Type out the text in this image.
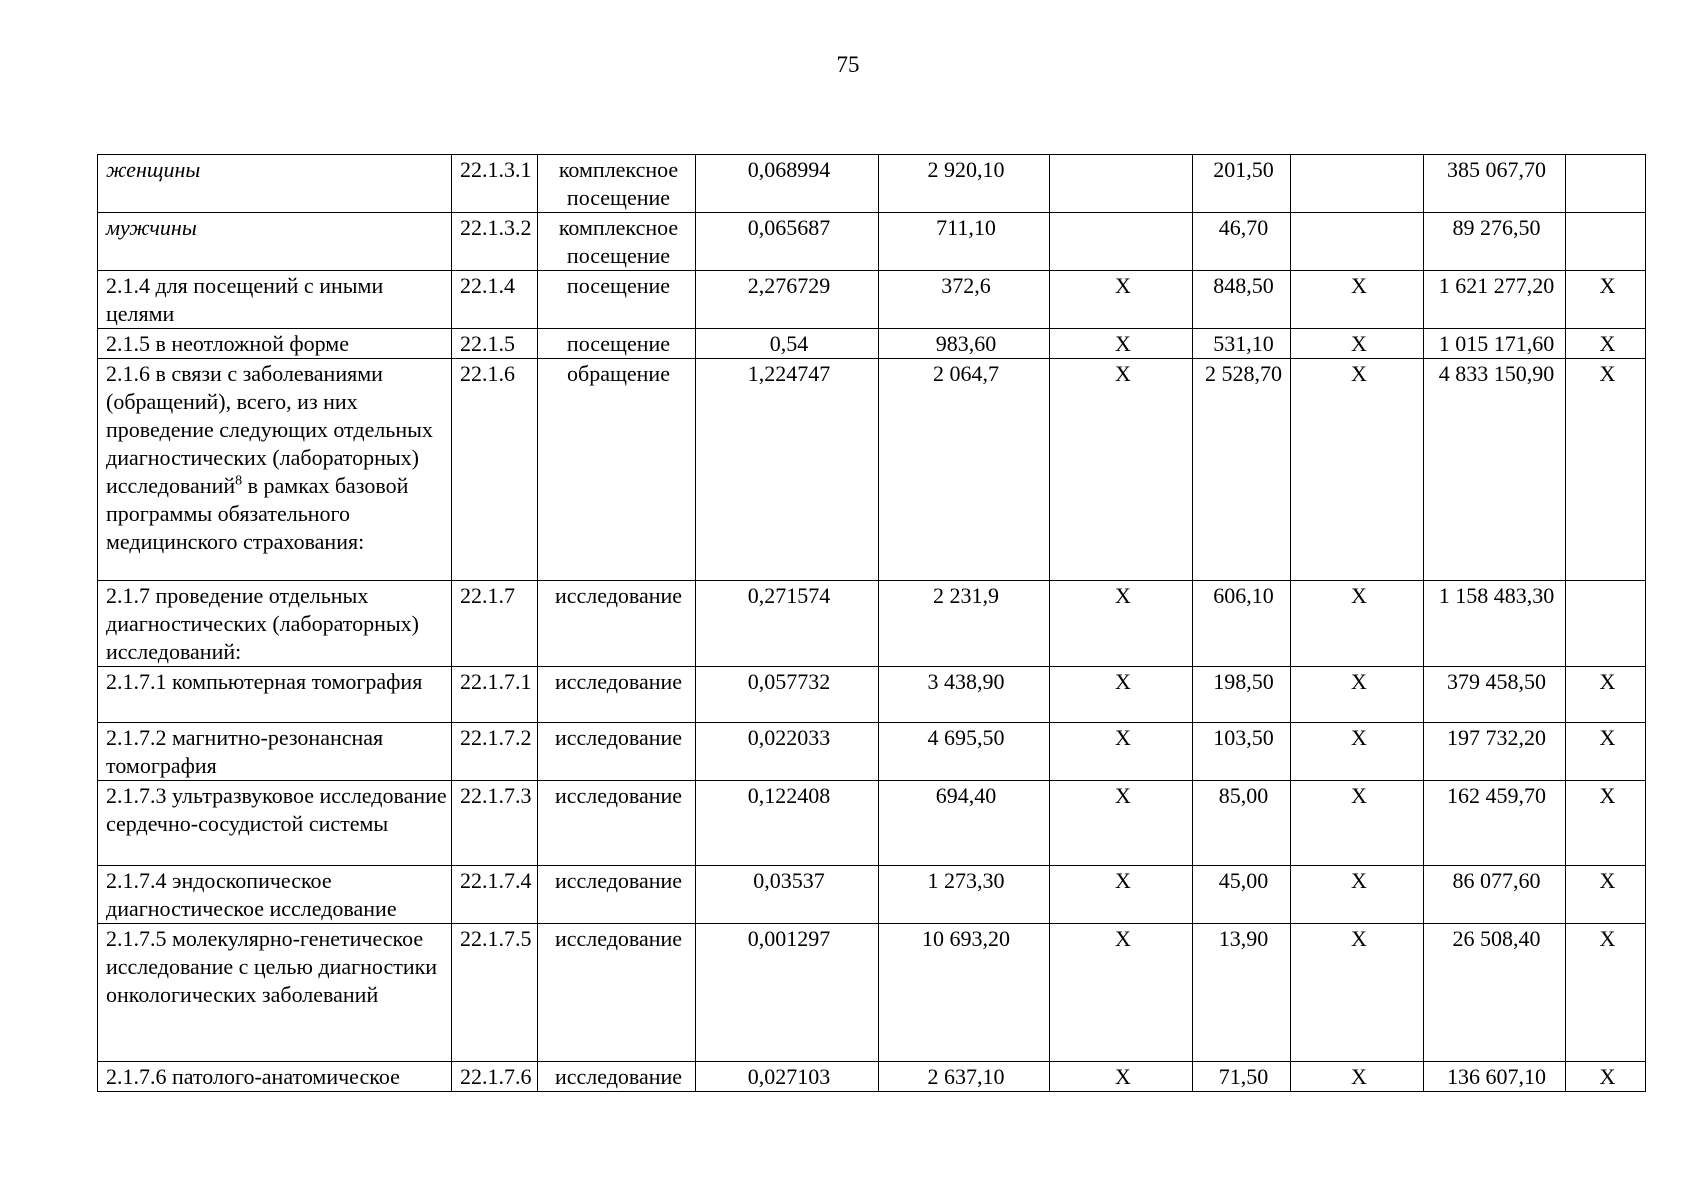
75
женщины	22.1.3.1	комплексное посещение	0,068994	2 920,10		201,50		385 067,70	
мужчины	22.1.3.2	комплексное посещение	0,065687	711,10		46,70		89 276,50	
2.1.4 для посещений с иными целями	22.1.4	посещение	2,276729	372,6	X	848,50	X	1 621 277,20	X
2.1.5 в неотложной форме	22.1.5	посещение	0,54	983,60	X	531,10	X	1 015 171,60	X
2.1.6 в связи с заболеваниями (обращений), всего, из них проведение следующих отдельных диагностических (лабораторных) исследований$^8$ в рамках базовой программы обязательного медицинского страхования:	22.1.6	обращение	1,224747	2 064,7	X	2 528,70	X	4 833 150,90	X
2.1.7 проведение отдельных диагностических (лабораторных) исследований:	22.1.7	исследование	0,271574	2 231,9	X	606,10	X	1 158 483,30	
2.1.7.1 компьютерная томография	22.1.7.1	исследование	0,057732	3 438,90	X	198,50	X	379 458,50	X
2.1.7.2 магнитно-резонансная томография	22.1.7.2	исследование	0,022033	4 695,50	X	103,50	X	197 732,20	X
2.1.7.3 ультразвуковое исследование сердечно-сосудистой системы	22.1.7.3	исследование	0,122408	694,40	X	85,00	X	162 459,70	X
2.1.7.4 эндоскопическое диагностическое исследование	22.1.7.4	исследование	0,03537	1 273,30	X	45,00	X	86 077,60	X
2.1.7.5 молекулярно-генетическое исследование с целью диагностики онкологических заболеваний	22.1.7.5	исследование	0,001297	10 693,20	X	13,90	X	26 508,40	X
2.1.7.6 патолого-анатомическое	22.1.7.6	исследование	0,027103	2 637,10	X	71,50	X	136 607,10	X
